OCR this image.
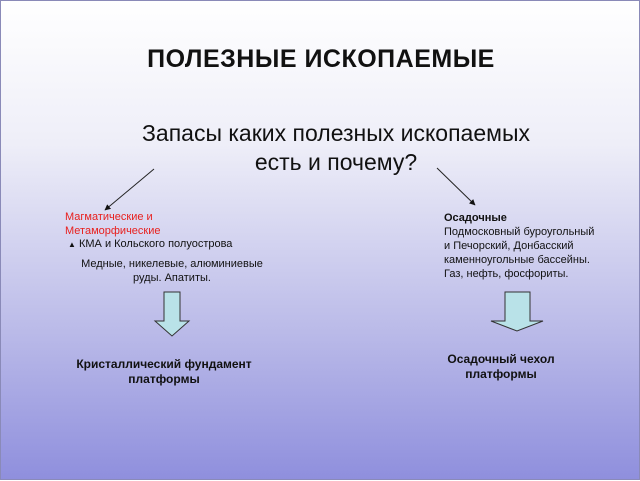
ПОЛЕЗНЫЕ ИСКОПАЕМЫЕ
Запасы каких полезных ископаемых
есть и почему?
Магматические и
Метаморфические
▲ КМА и Кольского полуострова
Медные, никелевые, алюминиевые
руды. Апатиты.
Кристаллический фундамент
платформы
Осадочные
Подмосковный буроугольный
и Печорский, Донбасский
каменноугольные бассейны.
Газ, нефть, фосфориты.
Осадочный чехол
платформы
